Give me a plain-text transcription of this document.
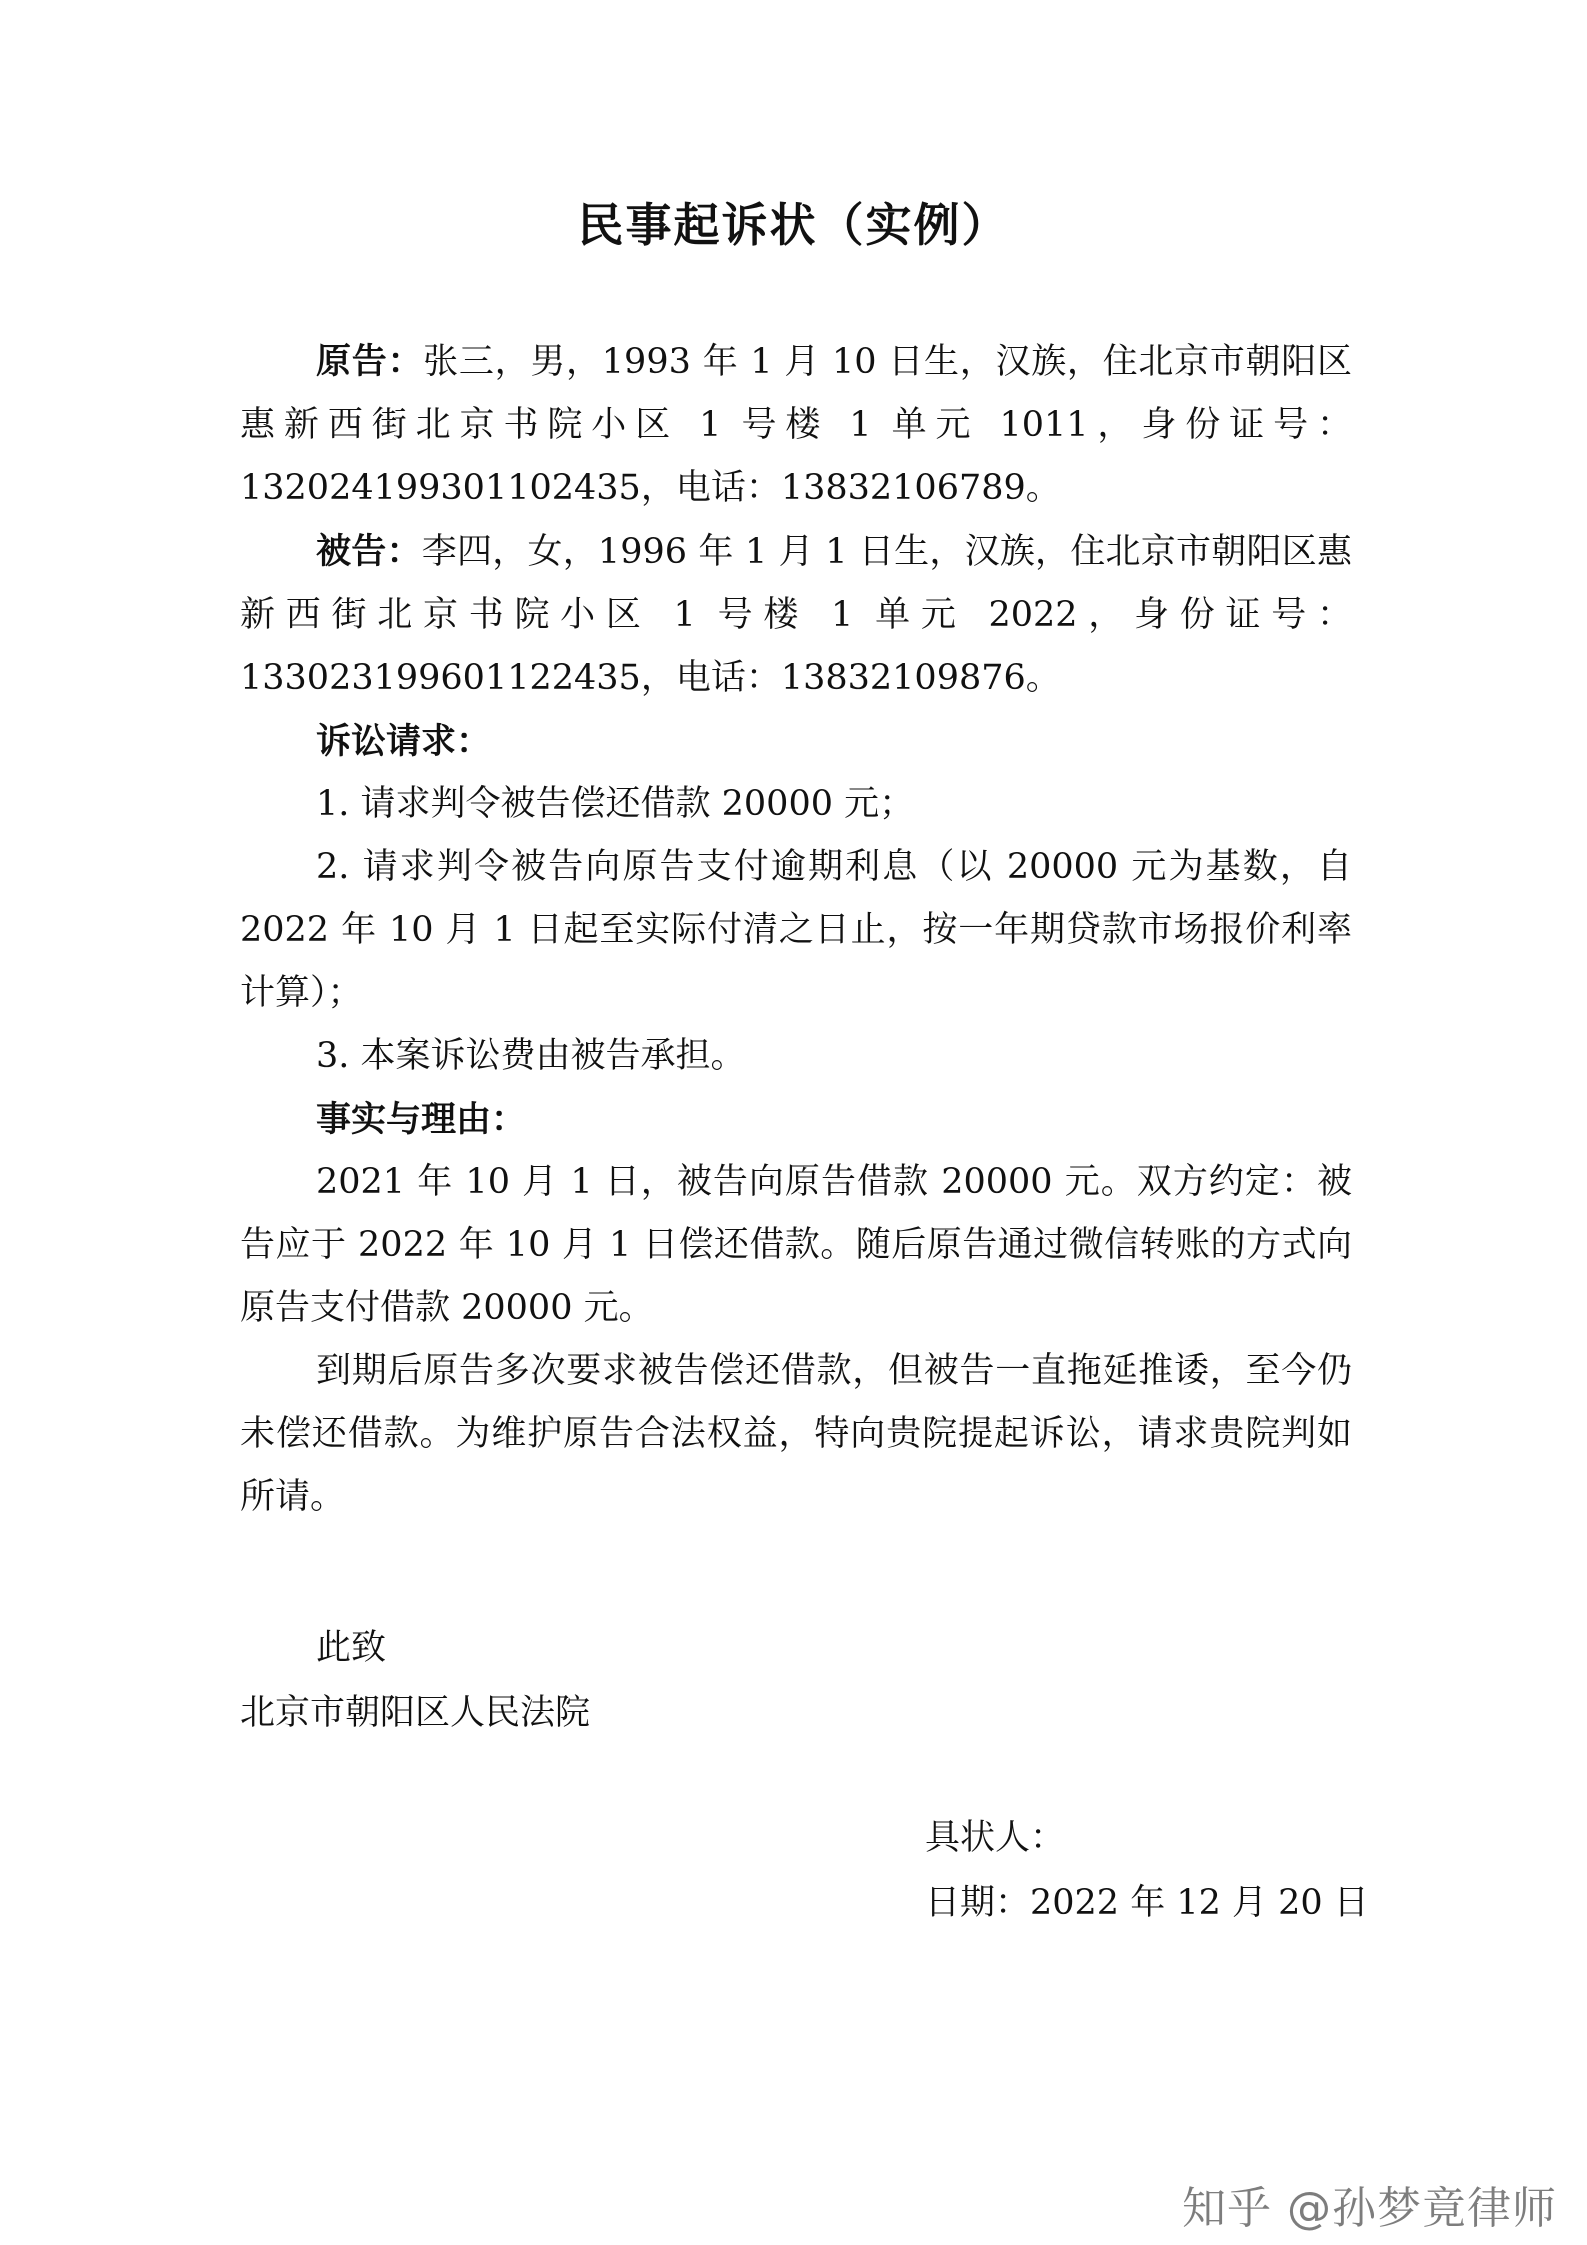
民事起诉状（实例）

原告：张三，男，1993 年 1 月 10 日生，汉族，住北京市朝阳区惠新西街北京书院小区 1 号楼 1 单元 1011，身份证号：132024199301102435，电话：13832106789。

被告：李四，女，1996 年 1 月 1 日生，汉族，住北京市朝阳区惠新西街北京书院小区 1 号楼 1 单元 2022，身份证号：133023199601122435，电话：13832109876。

诉讼请求：

1. 请求判令被告偿还借款 20000 元；

2. 请求判令被告向原告支付逾期利息（以 20000 元为基数，自 2022 年 10 月 1 日起至实际付清之日止，按一年期贷款市场报价利率计算）；

3. 本案诉讼费由被告承担。

事实与理由：

2021 年 10 月 1 日，被告向原告借款 20000 元。双方约定：被告应于 2022 年 10 月 1 日偿还借款。随后原告通过微信转账的方式向原告支付借款 20000 元。

到期后原告多次要求被告偿还借款，但被告一直拖延推诿，至今仍未偿还借款。为维护原告合法权益，特向贵院提起诉讼，请求贵院判如所请。

此致
北京市朝阳区人民法院
具状人：
日期：2022 年 12 月 20 日
知乎 @孙梦竟律师
